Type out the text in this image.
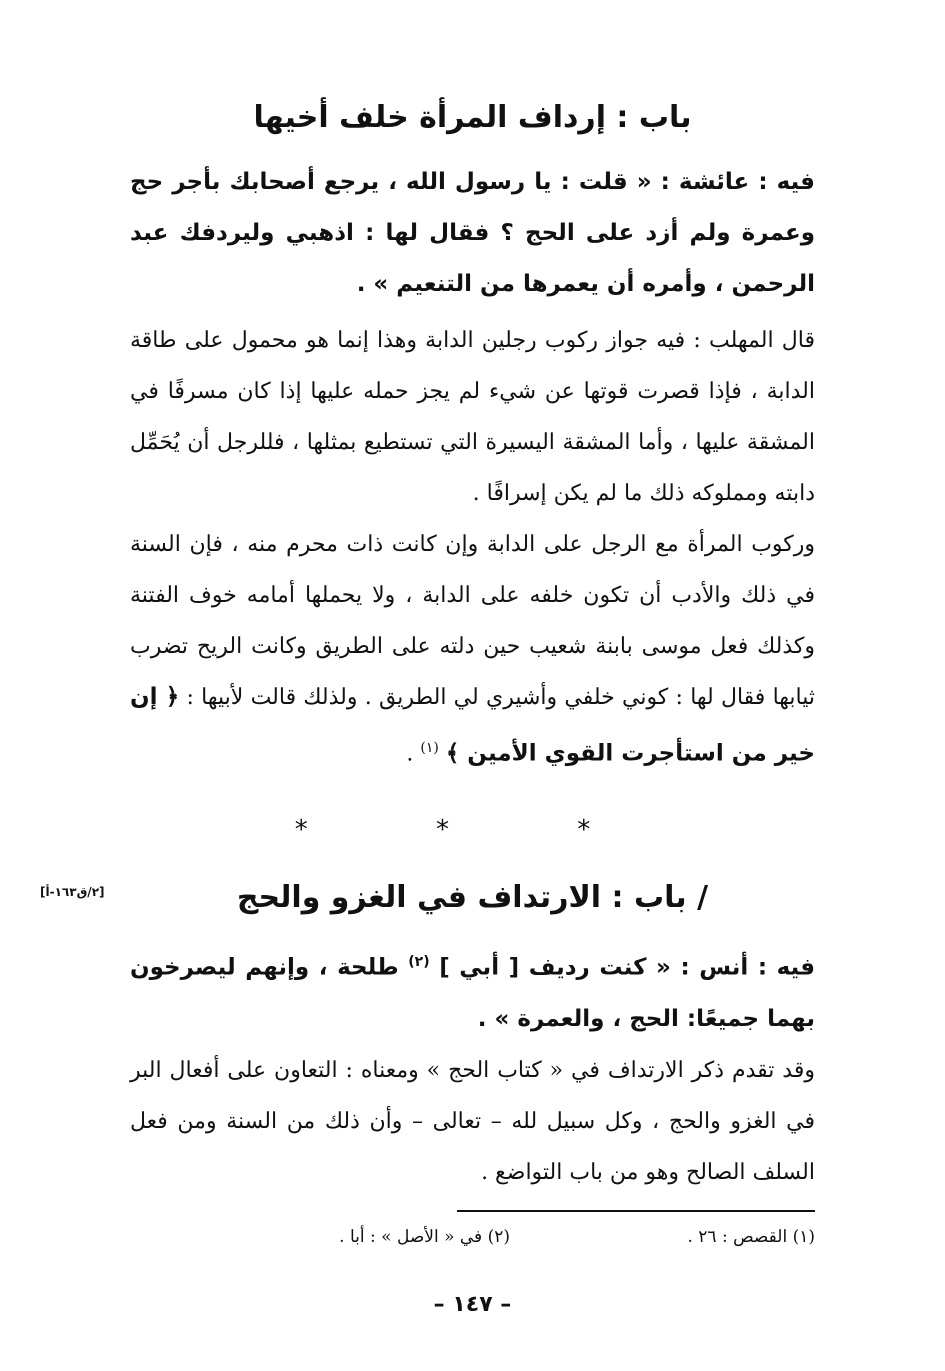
باب : إرداف المرأة خلف أخيها

فيه : عائشة : « قلت : يا رسول الله ، يرجع أصحابك بأجر حج وعمرة ولم أزد على الحج ؟ فقال لها : اذهبي وليردفك عبد الرحمن ، وأمره أن يعمرها من التنعيم » .

قال المهلب : فيه جواز ركوب رجلين الدابة وهذا إنما هو محمول على طاقة الدابة ، فإذا قصرت قوتها عن شيء لم يجز حمله عليها إذا كان مسرفًا في المشقة عليها ، وأما المشقة اليسيرة التي تستطيع بمثلها ، فللرجل أن يُحَمِّل دابته ومملوكه ذلك ما لم يكن إسرافًا .

وركوب المرأة مع الرجل على الدابة وإن كانت ذات محرم منه ، فإن السنة في ذلك والأدب أن تكون خلفه على الدابة ، ولا يحملها أمامه خوف الفتنة وكذلك فعل موسى بابنة شعيب حين دلته على الطريق وكانت الريح تضرب ثيابها فقال لها : كوني خلفي وأشيري لي الطريق . ولذلك قالت لأبيها : ﴿ إن خير من استأجرت القوي الأمين ﴾ $^{(١)}$ .

* * *
/ باب : الارتداف في الغزو والحج

فيه : أنس : « كنت رديف [ أبي ] $^{(٢)}$ طلحة ، وإنهم ليصرخون بهما جميعًا: الحج ، والعمرة » .

وقد تقدم ذكر الارتداف في « كتاب الحج » ومعناه : التعاون على أفعال البر في الغزو والحج ، وكل سبيل لله – تعالى – وأن ذلك من السنة ومن فعل السلف الصالح وهو من باب التواضع .

[٢/ق١٦٣-أ]
(١) القصص : ٢٦ .
(٢) في « الأصل » : أبا .
– ١٤٧ –
